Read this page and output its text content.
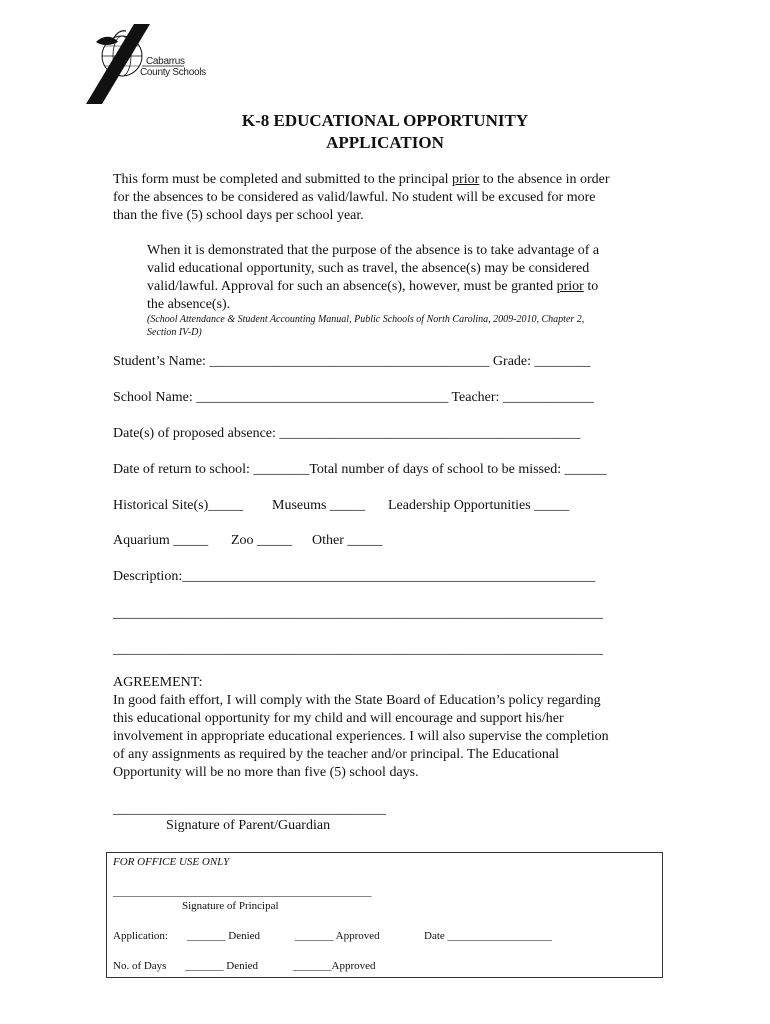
Cabarrus
County Schools
K-8 EDUCATIONAL OPPORTUNITY
APPLICATION
This form must be completed and submitted to the principal prior to the absence in order
for the absences to be considered as valid/lawful. No student will be excused for more
than the five (5) school days per school year.
When it is demonstrated that the purpose of the absence is to take advantage of a
valid educational opportunity, such as travel, the absence(s) may be considered
valid/lawful. Approval for such an absence(s), however, must be granted prior to
the absence(s).
(School Attendance & Student Accounting Manual, Public Schools of North Carolina, 2009-2010, Chapter 2,
Section IV-D)
Student’s Name: ________________________________________ Grade: ________
School Name: ____________________________________ Teacher: _____________
Date(s) of proposed absence: ___________________________________________
Date of return to school: ________Total number of days of school to be missed: ______
Historical Site(s)_____ Museums _____ Leadership Opportunities _____
Aquarium _____ Zoo _____ Other _____
Description:___________________________________________________________
______________________________________________________________________
______________________________________________________________________
AGREEMENT:
In good faith effort, I will comply with the State Board of Education’s policy regarding
this educational opportunity for my child and will encourage and support his/her
involvement in appropriate educational experiences. I will also supervise the completion
of any assignments as required by the teacher and/or principal. The Educational
Opportunity will be no more than five (5) school days.
_______________________________________
Signature of Parent/Guardian
FOR OFFICE USE ONLY
_______________________________________________
Signature of Principal
Application: _______ Denied	_______ Approved	Date ___________________
No. of Days _______ Denied	_______Approved
